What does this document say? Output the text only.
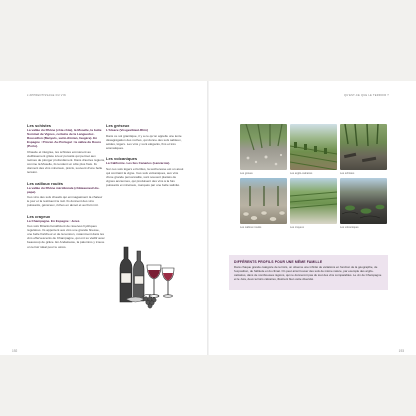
L'APPRENTISSAGE DU VIN	QU'EST-CE QUE LE TERROIR ?
Les schistes
La vallée du Rhône (côte-rôtie), la Moselle, la butte Sommet de Vignes, certains de la Languedoc-Roussillon (Banyuls, saint-chinian, faugère). En Espagne : Priorat. Au Portugal : la vallée du Douro (Porto).

Chaude et intégrée, les schistes emmènent au vieillissement grâce à leur porosité qui permet aux racines de plonger profondément. Dans d'autres régions, comme la Moselle, ils tendent un côté plus frais. Ils donnent des vins minéraux, précis, souvent d'une belle tension.

Les cailloux roulés
La vallée du Rhône méridionale (châteauneuf-du-pape).

Ces vins des sols chauds qui emmagasinent la chaleur le jour et la restituent la nuit. Ils donnent des vins puissants, généreux, riches en alcool et au fruit mûr.

Les crayeux
La Champagne. En Espagne : Jerez.

Ces sols filtrants bénéficient de réserves hydriques régulières. Ils apportent aux vins une grande finesse, une belle fraîcheur et de la tension, notamment dans les vins effervescents de Champagne, qui ont su vieillir avec beaucoup de grâce. En Andalousie, la palomino y trouve un terroir idéal pour le xérès.

Les gréseux
L'Alsace (Vosges/Haut-Rhin)

Dans ce sol granitique, il y a ce qu'on appelle une lente désagrégation des roches, qui donne des sols sableux, acides, légers. Les vins y sont élégants, fins et très aromatiques.

Les volcaniques
La Californie. Les îles Canaries (Lanzarote).

Sur ces sols légers et fertiles, la sécheresse est un atout qui contraint la vigne. Ces sols volcaniques, aux vins d'une grande personnalité, sont souvent plantés de vignes anciennes, qui produisent des vins à la fois puissants et minéraux, marqués par une belle salinité.

Les graves	Les argilo-calcaires	Les schistes
Les cailloux roulés	Les crayeux	Les volcaniques
DIFFÉRENTS PROFILS POUR UNE MÊME FAMILLE
Dans chaque grande catégorie de terroirs, on observe une infinité de variations en fonction de la géographie, de l'exposition, de l'altitude et du climat. On peut ainsi trouver des sols de même nature, par exemple des argilo-calcaires, dans de nombreuses régions, qui ne donneront pas du tout des vins comparables. Le vin de Champagne et le Jura, deux terroirs calcaires, illustrent bien cette diversité.
192	193
